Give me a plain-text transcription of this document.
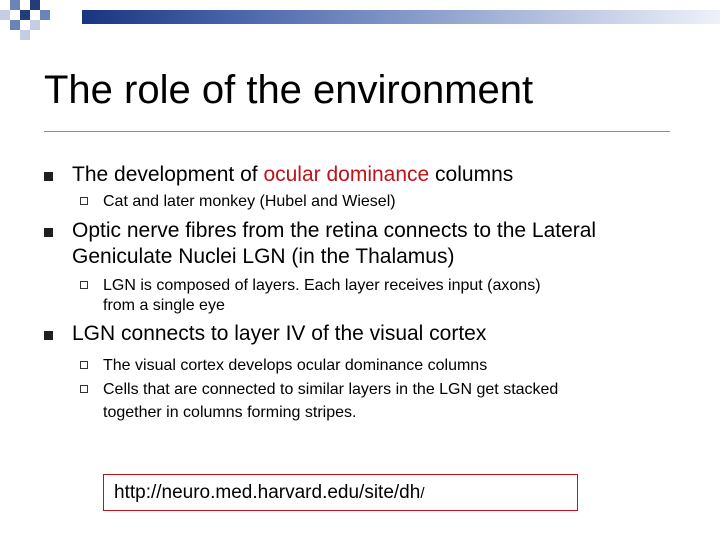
The role of the environment
The development of ocular dominance columns
Cat and later monkey (Hubel and Wiesel)
Optic nerve fibres from the retina connects to the Lateral
Geniculate Nuclei LGN (in the Thalamus)
LGN is composed of layers. Each layer receives input (axons)
from a single eye
LGN connects to layer IV of the visual cortex
The visual cortex develops ocular dominance columns
Cells that are connected to similar layers in the LGN get stacked
together in columns forming stripes.
http://neuro.med.harvard.edu/site/dh/
